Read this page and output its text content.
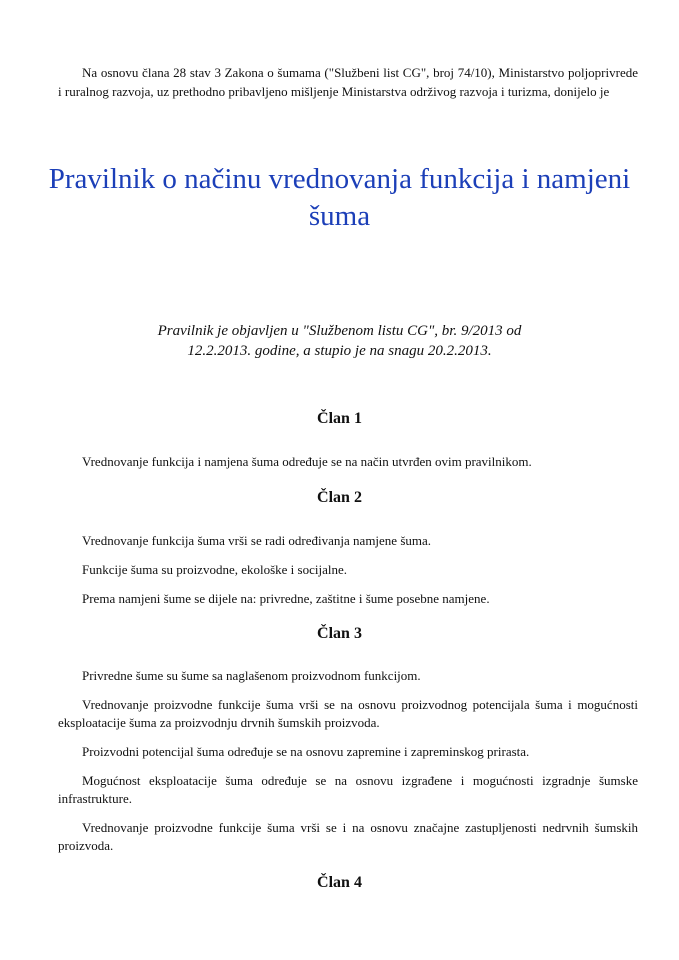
Na osnovu člana 28 stav 3 Zakona o šumama ("Službeni list CG", broj 74/10), Ministarstvo poljoprivrede i ruralnog razvoja, uz prethodno pribavljeno mišljenje Ministarstva održivog razvoja i turizma, donijelo je

Pravilnik o načinu vrednovanja funkcija i namjeni
šuma
Pravilnik je objavljen u "Službenom listu CG", br. 9/2013 od
12.2.2013. godine, a stupio je na snagu 20.2.2013.
Član 1

Vrednovanje funkcija i namjena šuma određuje se na način utvrđen ovim pravilnikom.

Član 2

Vrednovanje funkcija šuma vrši se radi određivanja namjene šuma.

Funkcije šuma su proizvodne, ekološke i socijalne.

Prema namjeni šume se dijele na: privredne, zaštitne i šume posebne namjene.

Član 3

Privredne šume su šume sa naglašenom proizvodnom funkcijom.

Vrednovanje proizvodne funkcije šuma vrši se na osnovu proizvodnog potencijala šuma i mogućnosti eksploatacije šuma za proizvodnju drvnih šumskih proizvoda.

Proizvodni potencijal šuma određuje se na osnovu zapremine i zapreminskog prirasta.

Mogućnost eksploatacije šuma određuje se na osnovu izgrađene i mogućnosti izgradnje šumske infrastrukture.

Vrednovanje proizvodne funkcije šuma vrši se i na osnovu značajne zastupljenosti nedrvnih šumskih proizvoda.

Član 4
